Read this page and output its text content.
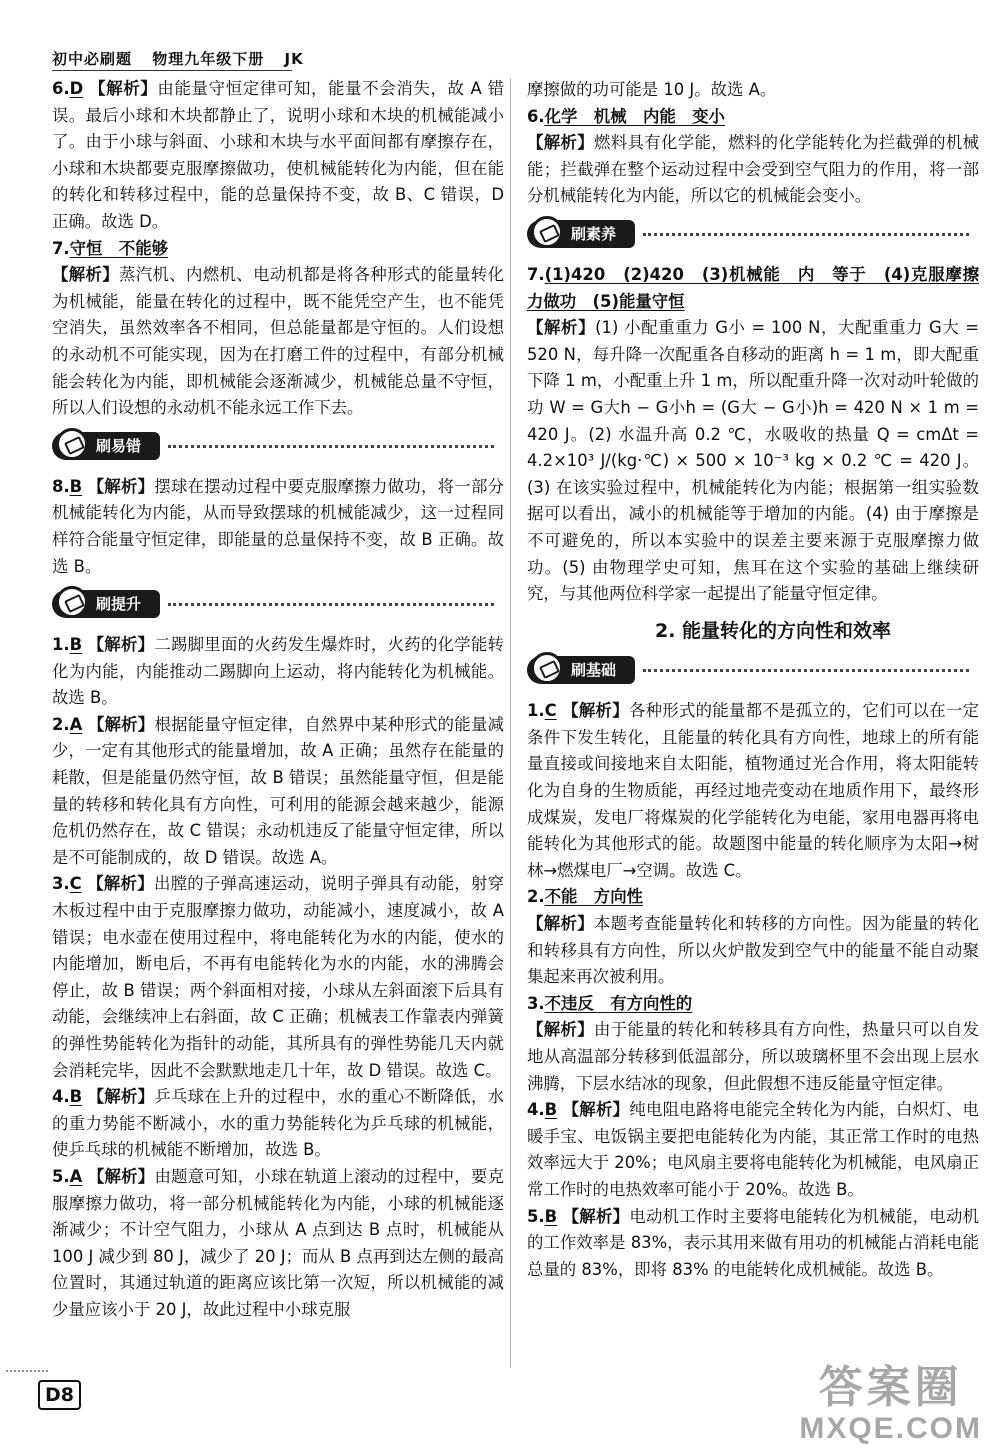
初中必刷题 物理九年级下册 JK

6.D 【解析】由能量守恒定律可知，能量不会消失，故 A 错误。最后小球和木块都静止了，说明小球和木块的机械能减小了。由于小球与斜面、小球和木块与水平面间都有摩擦存在，小球和木块都要克服摩擦做功，使机械能转化为内能，但在能的转化和转移过程中，能的总量保持不变，故 B、C 错误，D 正确。故选 D。

7.守恒　不能够

【解析】蒸汽机、内燃机、电动机都是将各种形式的能量转化为机械能，能量在转化的过程中，既不能凭空产生，也不能凭空消失，虽然效率各不相同，但总能量都是守恒的。人们设想的永动机不可能实现，因为在打磨工件的过程中，有部分机械能会转化为内能，即机械能会逐渐减少，机械能总量不守恒，所以人们设想的永动机不能永远工作下去。

刷易错

8.B 【解析】摆球在摆动过程中要克服摩擦力做功，将一部分机械能转化为内能，从而导致摆球的机械能减少，这一过程同样符合能量守恒定律，即能量的总量保持不变，故 B 正确。故选 B。

刷提升

1.B 【解析】二踢脚里面的火药发生爆炸时，火药的化学能转化为内能，内能推动二踢脚向上运动，将内能转化为机械能。故选 B。

2.A 【解析】根据能量守恒定律，自然界中某种形式的能量减少，一定有其他形式的能量增加，故 A 正确；虽然存在能量的耗散，但是能量仍然守恒，故 B 错误；虽然能量守恒，但是能量的转移和转化具有方向性，可利用的能源会越来越少，能源危机仍然存在，故 C 错误；永动机违反了能量守恒定律，所以是不可能制成的，故 D 错误。故选 A。

3.C 【解析】出膛的子弹高速运动，说明子弹具有动能，射穿木板过程中由于克服摩擦力做功，动能减小，速度减小，故 A 错误；电水壶在使用过程中，将电能转化为水的内能，使水的内能增加，断电后，不再有电能转化为水的内能，水的沸腾会停止，故 B 错误；两个斜面相对接，小球从左斜面滚下后具有动能，会继续冲上右斜面，故 C 正确；机械表工作靠表内弹簧的弹性势能转化为指针的动能，其所具有的弹性势能几天内就会消耗完毕，因此不会默默地走几十年，故 D 错误。故选 C。

4.B 【解析】乒乓球在上升的过程中，水的重心不断降低，水的重力势能不断减小，水的重力势能转化为乒乓球的机械能，使乒乓球的机械能不断增加，故选 B。

5.A 【解析】由题意可知，小球在轨道上滚动的过程中，要克服摩擦力做功，将一部分机械能转化为内能，小球的机械能逐渐减少；不计空气阻力，小球从 A 点到达 B 点时，机械能从 100 J 减少到 80 J，减少了 20 J；而从 B 点再到达左侧的最高位置时，其通过轨道的距离应该比第一次短，所以机械能的减少量应该小于 20 J，故此过程中小球克服

摩擦做的功可能是 10 J。故选 A。

6.化学　机械　内能　变小

【解析】燃料具有化学能，燃料的化学能转化为拦截弹的机械能；拦截弹在整个运动过程中会受到空气阻力的作用，将一部分机械能转化为内能，所以它的机械能会变小。

刷素养

7.(1)420　(2)420　(3)机械能　内　等于　(4)克服摩擦力做功　(5)能量守恒

【解析】(1) 小配重重力 G小 = 100 N，大配重重力 G大 = 520 N，每升降一次配重各自移动的距离 h = 1 m，即大配重下降 1 m，小配重上升 1 m，所以配重升降一次对动叶轮做的功 W = G大h − G小h = (G大 − G小)h = 420 N × 1 m = 420 J。(2) 水温升高 0.2 ℃，水吸收的热量 Q = cmΔt = 4.2×10³ J/(kg·℃) × 500 × 10⁻³ kg × 0.2 ℃ = 420 J。(3) 在该实验过程中，机械能转化为内能；根据第一组实验数据可以看出，减小的机械能等于增加的内能。(4) 由于摩擦是不可避免的，所以本实验中的误差主要来源于克服摩擦力做功。(5) 由物理学史可知，焦耳在这个实验的基础上继续研究，与其他两位科学家一起提出了能量守恒定律。

2. 能量转化的方向性和效率
刷基础

1.C 【解析】各种形式的能量都不是孤立的，它们可以在一定条件下发生转化，且能量的转化具有方向性，地球上的所有能量直接或间接地来自太阳能，植物通过光合作用，将太阳能转化为自身的生物质能，再经过地壳变动在地质作用下，最终形成煤炭，发电厂将煤炭的化学能转化为电能，家用电器再将电能转化为其他形式的能。故题图中能量的转化顺序为太阳→树林→燃煤电厂→空调。故选 C。

2.不能　方向性

【解析】本题考查能量转化和转移的方向性。因为能量的转化和转移具有方向性，所以火炉散发到空气中的能量不能自动聚集起来再次被利用。

3.不违反　有方向性的

【解析】由于能量的转化和转移具有方向性，热量只可以自发地从高温部分转移到低温部分，所以玻璃杯里不会出现上层水沸腾，下层水结冰的现象，但此假想不违反能量守恒定律。

4.B 【解析】纯电阻电路将电能完全转化为内能，白炽灯、电暖手宝、电饭锅主要把电能转化为内能，其正常工作时的电热效率远大于 20%；电风扇主要将电能转化为机械能，电风扇正常工作时的电热效率可能小于 20%。故选 B。

5.B 【解析】电动机工作时主要将电能转化为机械能，电动机的工作效率是 83%，表示其用来做有用功的机械能占消耗电能总量的 83%，即将 83% 的电能转化成机械能。故选 B。

D8	答案圈
MXQE.COM
